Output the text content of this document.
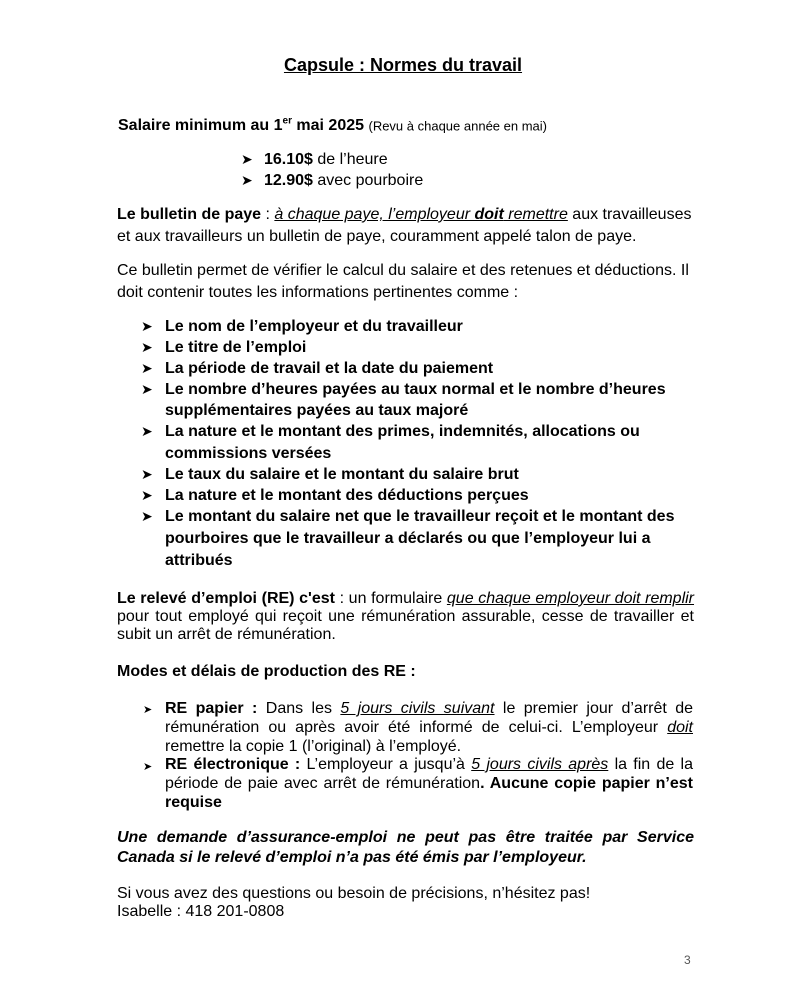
Capsule : Normes du travail
Salaire minimum au 1er mai 2025 (Revu à chaque année en mai)
➤ 16.10$ de l’heure
➤ 12.90$ avec pourboire
Le bulletin de paye : à chaque paye, l’employeur doit remettre aux travailleuses
et aux travailleurs un bulletin de paye, couramment appelé talon de paye.
Ce bulletin permet de vérifier le calcul du salaire et des retenues et déductions. Il
doit contenir toutes les informations pertinentes comme :
➤ Le nom de l’employeur et du travailleur
➤ Le titre de l’emploi
➤ La période de travail et la date du paiement
➤ Le nombre d’heures payées au taux normal et le nombre d’heures
supplémentaires payées au taux majoré
➤ La nature et le montant des primes, indemnités, allocations ou
commissions versées
➤ Le taux du salaire et le montant du salaire brut
➤ La nature et le montant des déductions perçues
➤ Le montant du salaire net que le travailleur reçoit et le montant des
pourboires que le travailleur a déclarés ou que l’employeur lui a
attribués
Le relevé d’emploi (RE) c'est : un formulaire que chaque employeur doit remplir pour tout employé qui reçoit une rémunération assurable, cesse de travailler et subit un arrêt de rémunération.
Modes et délais de production des RE :
➤ RE papier : Dans les 5 jours civils suivant le premier jour d’arrêt de rémunération ou après avoir été informé de celui-ci. L’employeur doit remettre la copie 1 (l’original) à l’employé.
➤ RE électronique : L’employeur a jusqu’à 5 jours civils après la fin de la période de paie avec arrêt de rémunération. Aucune copie papier n’est requise
Une demande d’assurance-emploi ne peut pas être traitée par Service Canada si le relevé d’emploi n’a pas été émis par l’employeur.
Si vous avez des questions ou besoin de précisions, n’hésitez pas!
Isabelle : 418 201-0808
3
